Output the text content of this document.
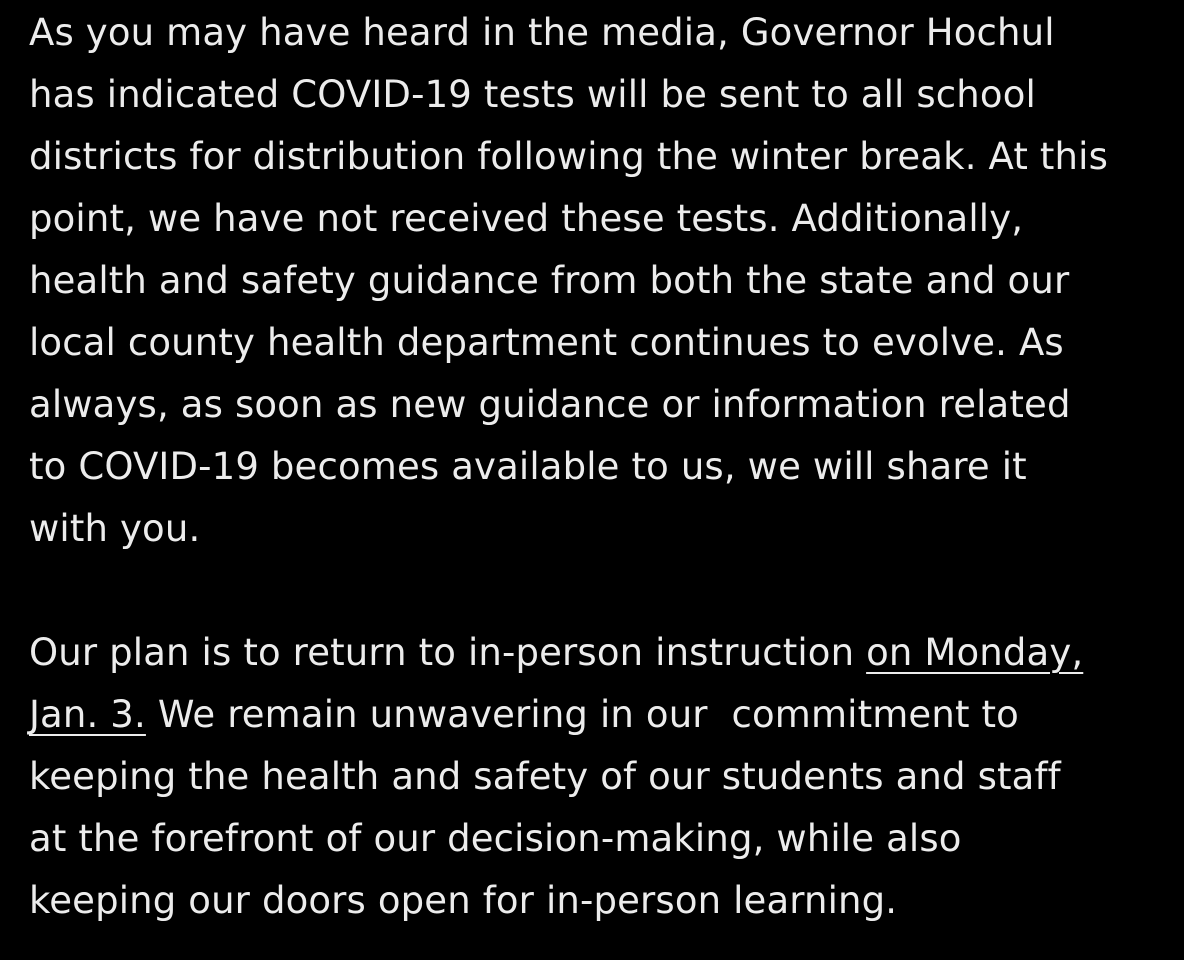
As you may have heard in the media, Governor Hochul
has indicated COVID-19 tests will be sent to all school
districts for distribution following the winter break. At this
point, we have not received these tests. Additionally,
health and safety guidance from both the state and our
local county health department continues to evolve. As
always, as soon as new guidance or information related
to COVID-19 becomes available to us, we will share it
with you.
Our plan is to return to in-person instruction on Monday,
Jan. 3. We remain unwavering in our  commitment to
keeping the health and safety of our students and staff
at the forefront of our decision-making, while also
keeping our doors open for in-person learning.
